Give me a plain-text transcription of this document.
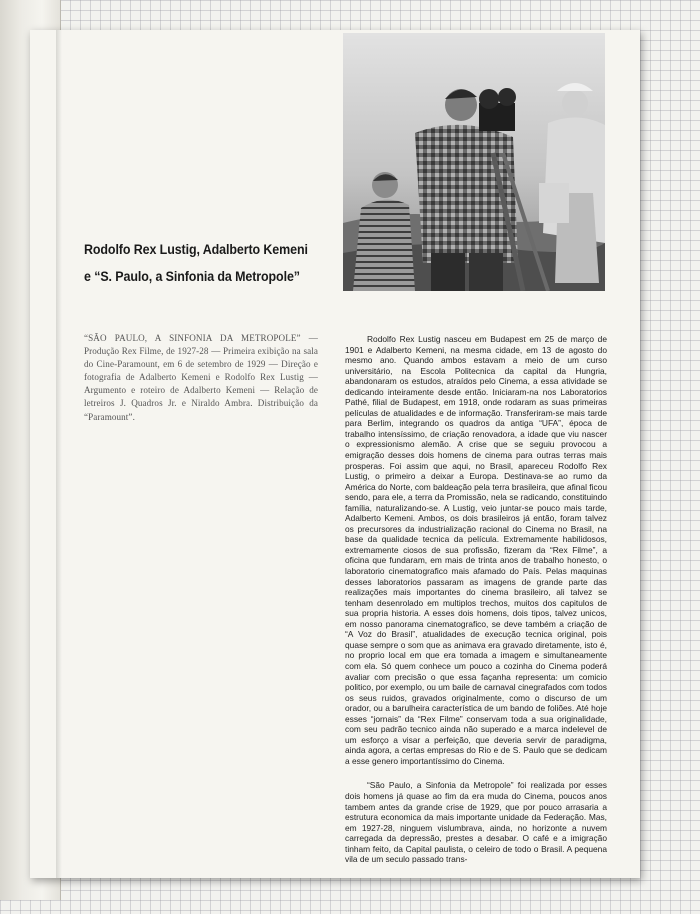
Rodolfo Rex Lustig, Adalberto Kemeni
e “S. Paulo, a Sinfonia da Metropole”
“SÃO PAULO, A SINFONIA DA METROPOLE” — Produção Rex Filme, de 1927-28 — Primeira exibição na sala do Cine-Paramount, em 6 de setembro de 1929 — Direção e fotografia de Adalberto Kemeni e Rodolfo Rex Lustig — Argumento e roteiro de Adalberto Kemeni — Relação de letreiros J. Quadros Jr. e Niraldo Ambra. Distribuição da “Paramount”.

Rodolfo Rex Lustig nasceu em Budapest em 25 de março de 1901 e Adalberto Kemeni, na mesma cidade, em 13 de agosto do mesmo ano. Quando ambos estavam a meio de um curso universitário, na Escola Politecnica da capital da Hungria, abandonaram os estudos, atraídos pelo Cinema, a essa atividade se dedicando inteiramente desde então. Iniciaram-na nos Laboratorios Pathé, filial de Budapest, em 1918, onde rodaram as suas primeiras películas de atualidades e de informação. Transferiram-se mais tarde para Berlim, integrando os quadros da antiga “UFA”, época de trabalho intensíssimo, de criação renovadora, a idade que viu nascer o expressionismo alemão. A crise que se seguiu provocou a emigração desses dois homens de cinema para outras terras mais prosperas. Foi assim que aqui, no Brasil, apareceu Rodolfo Rex Lustig, o primeiro a deixar a Europa. Destinava-se ao rumo da América do Norte, com baldeação pela terra brasileira, que afinal ficou sendo, para ele, a terra da Promissão, nela se radicando, constituindo família, naturalizando-se. A Lustig, veio juntar-se pouco mais tarde, Adalberto Kemeni. Ambos, os dois brasileiros já então, foram talvez os precursores da industrialização racional do Cinema no Brasil, na base da qualidade tecnica da película. Extremamente habilidosos, extremamente ciosos de sua profissão, fizeram da “Rex Filme”, a oficina que fundaram, em mais de trinta anos de trabalho honesto, o laboratorio cinematografico mais afamado do País. Pelas maquinas desses laboratorios passaram as imagens de grande parte das realizações mais importantes do cinema brasileiro, ali talvez se tenham desenrolado em multiplos trechos, muitos dos capitulos de sua propria historia. A esses dois homens, dois tipos, talvez unicos, em nosso panorama cinematografico, se deve também a criação de “A Voz do Brasil”, atualidades de execução tecnica original, pois quase sempre o som que as animava era gravado diretamente, isto é, no proprio local em que era tomada a imagem e simultaneamente com ela. Só quem conhece um pouco a cozinha do Cinema poderá avaliar com precisão o que essa façanha representa: um comicio politico, por exemplo, ou um baile de carnaval cinegrafados com todos os seus ruidos, gravados originalmente, como o discurso de um orador, ou a barulheira característica de um bando de foliões. Até hoje esses “jornais” da “Rex Filme” conservam toda a sua originalidade, com seu padrão tecnico ainda não superado e a marca indelevel de um esforço a visar a perfeição, que deveria servir de paradigma, ainda agora, a certas empresas do Rio e de S. Paulo que se dedicam a esse genero importantíssimo do Cinema.

“São Paulo, a Sinfonia da Metropole” foi realizada por esses dois homens já quase ao fim da era muda do Cinema, poucos anos tambem antes da grande crise de 1929, que por pouco arrasaria a estrutura economica da mais importante unidade da Federação. Mas, em 1927-28, ninguem vislumbrava, ainda, no horizonte a nuvem carregada da depressão, prestes a desabar. O café e a imigração tinham feito, da Capital paulista, o celeiro de todo o Brasil. A pequena vila de um seculo passado trans-
